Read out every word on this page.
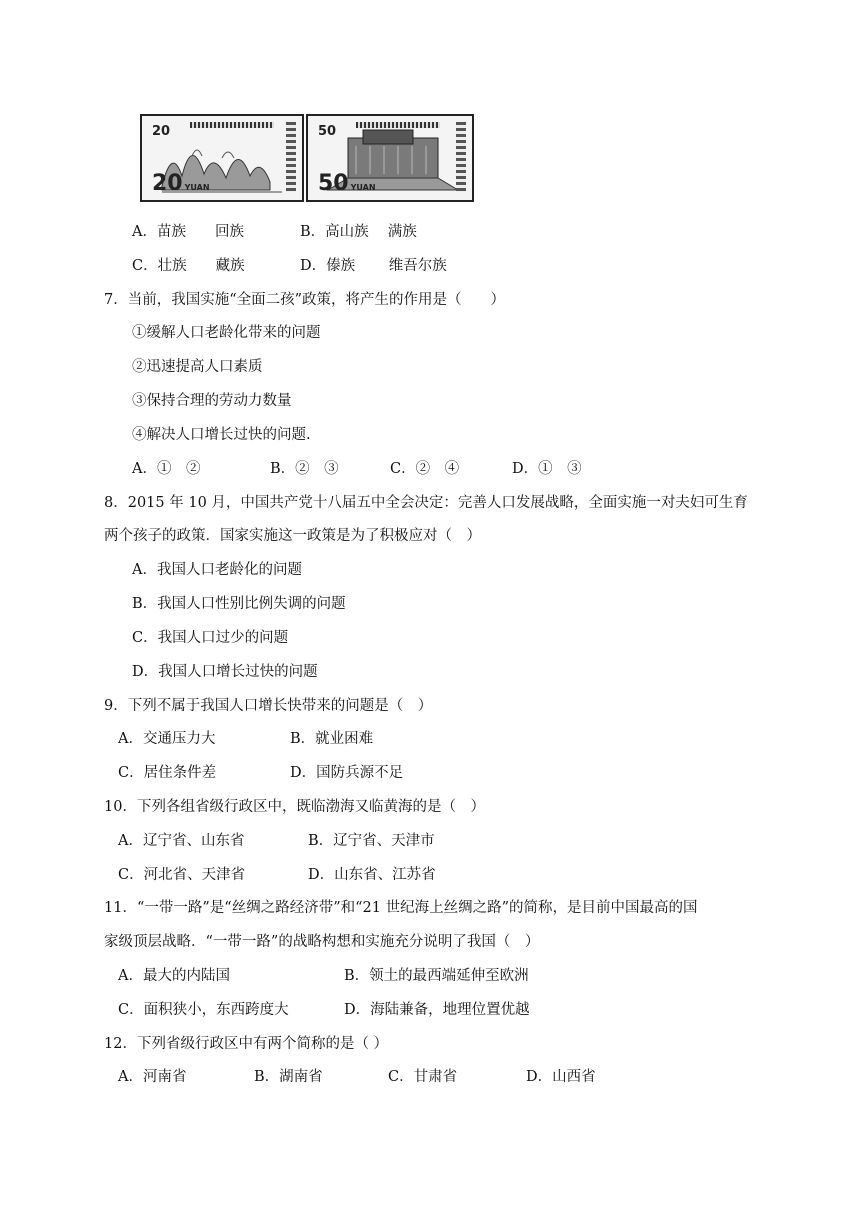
20
20 YUAN
50
50 YUAN
A．苗族　　回族	B．高山族　 满族
C．壮族　　藏族	D．傣族　　 维吾尔族
7．当前，我国实施“全面二孩”政策，将产生的作用是（　　）
①缓解人口老龄化带来的问题
②迅速提高人口素质
③保持合理的劳动力数量
④解决人口增长过快的问题.
A．①　②	B．②　③	C．②　④	D．①　③
8．2015 年 10 月，中国共产党十八届五中全会决定：完善人口发展战略，全面实施一对夫妇可生育
两个孩子的政策．国家实施这一政策是为了积极应对（　）
A．我国人口老龄化的问题
B．我国人口性别比例失调的问题
C．我国人口过少的问题
D．我国人口增长过快的问题
9．下列不属于我国人口增长快带来的问题是（　）
A．交通压力大	B．就业困难
C．居住条件差	D．国防兵源不足
10．下列各组省级行政区中，既临渤海又临黄海的是（　）
A．辽宁省、山东省	B．辽宁省、天津市
C．河北省、天津省	D．山东省、江苏省
11．“一带一路”是“丝绸之路经济带”和“21 世纪海上丝绸之路”的简称，是目前中国最高的国
家级顶层战略．“一带一路”的战略构想和实施充分说明了我国（　）
A．最大的内陆国	B．领土的最西端延伸至欧洲
C．面积狭小，东西跨度大	D．海陆兼备，地理位置优越
12．下列省级行政区中有两个简称的是（ ）
A．河南省	B．湖南省	C．甘肃省	D．山西省
